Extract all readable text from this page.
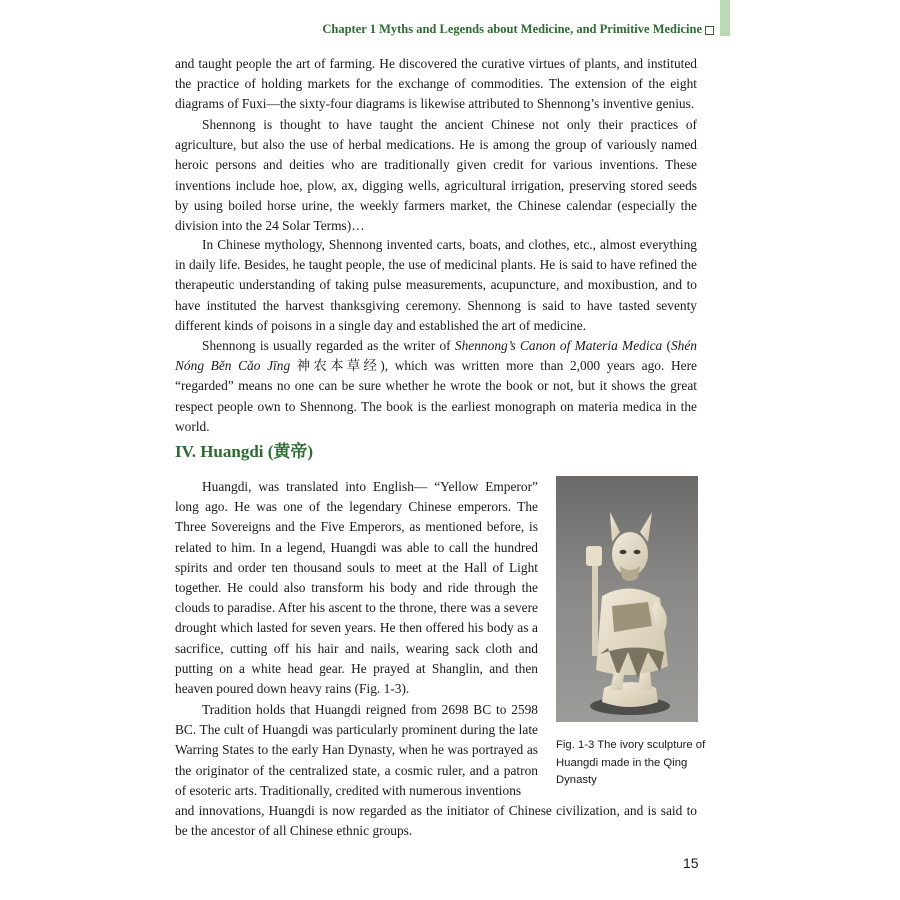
Chapter 1 Myths and Legends about Medicine, and Primitive Medicine

and taught people the art of farming. He discovered the curative virtues of plants, and instituted the practice of holding markets for the exchange of commodities. The extension of the eight diagrams of Fuxi—the sixty-four diagrams is likewise attributed to Shennong’s inventive genius.

Shennong is thought to have taught the ancient Chinese not only their practices of agriculture, but also the use of herbal medications. He is among the group of variously named heroic persons and deities who are traditionally given credit for various inventions. These inventions include hoe, plow, ax, digging wells, agricultural irrigation, preserving stored seeds by using boiled horse urine, the weekly farmers market, the Chinese calendar (especially the division into the 24 Solar Terms)…

In Chinese mythology, Shennong invented carts, boats, and clothes, etc., almost everything in daily life. Besides, he taught people, the use of medicinal plants. He is said to have refined the therapeutic understanding of taking pulse measurements, acupuncture, and moxibustion, and to have instituted the harvest thanksgiving ceremony. Shennong is said to have tasted seventy different kinds of poisons in a single day and established the art of medicine.

Shennong is usually regarded as the writer of Shennong’s Canon of Materia Medica (Shén Nóng Běn Cǎo Jīng 神农本草经), which was written more than 2,000 years ago. Here “regarded” means no one can be sure whether he wrote the book or not, but it shows the great respect people own to Shennong. The book is the earliest monograph on materia medica in the world.

IV. Huangdi (黄帝)

Huangdi, was translated into English— “Yellow Emperor” long ago. He was one of the legendary Chinese emperors. The Three Sovereigns and the Five Emperors, as mentioned before, is related to him. In a legend, Huangdi was able to call the hundred spirits and order ten thousand souls to meet at the Hall of Light together. He could also transform his body and ride through the clouds to paradise. After his ascent to the throne, there was a severe drought which lasted for seven years. He then offered his body as a sacrifice, cutting off his hair and nails, wearing sack cloth and putting on a white head gear. He prayed at Shanglin, and then heaven poured down heavy rains (Fig. 1-3).

Tradition holds that Huangdi reigned from 2698 BC to 2598 BC. The cult of Huangdi was particularly prominent during the late Warring States to the early Han Dynasty, when he was portrayed as the originator of the centralized state, a cosmic ruler, and a patron of esoteric arts. Traditionally, credited with numerous inventions

and innovations, Huangdi is now regarded as the initiator of Chinese civilization, and is said to be the ancestor of all Chinese ethnic groups.

Fig. 1-3 The ivory sculpture of Huangdi made in the Qing Dynasty

15
